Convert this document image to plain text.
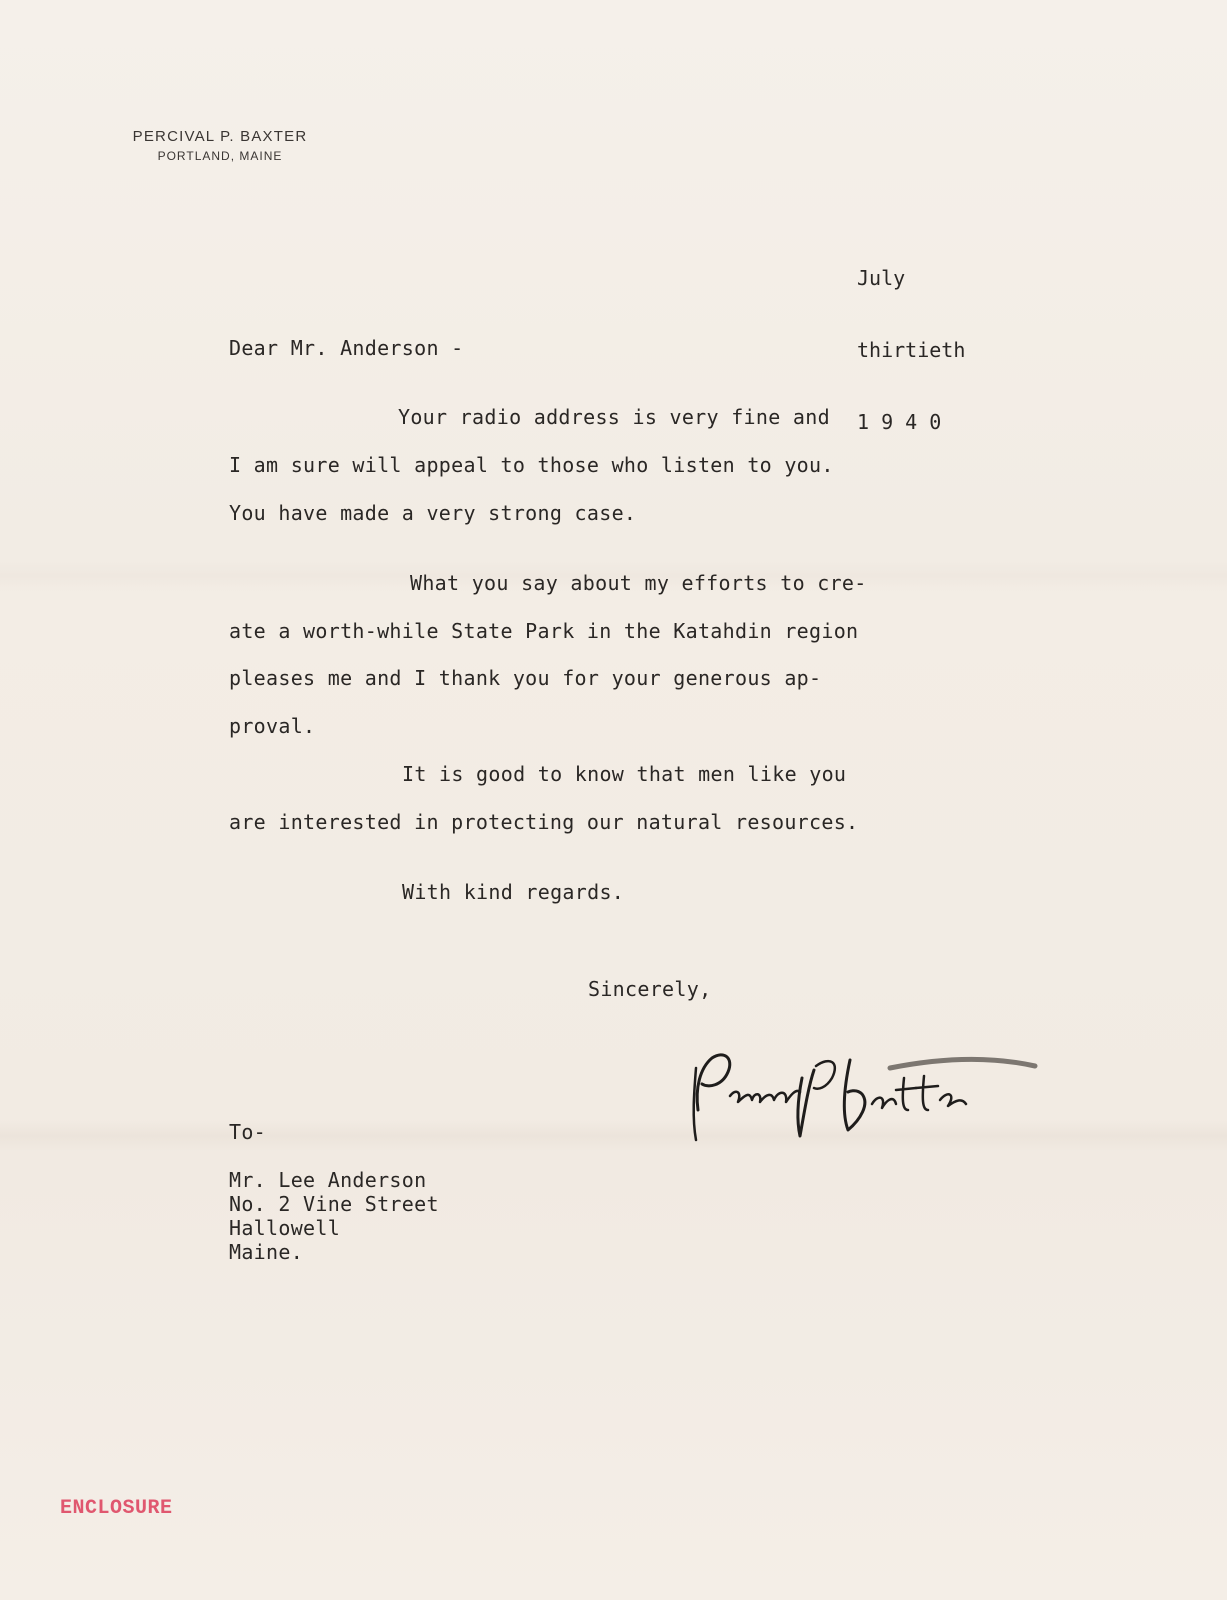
PERCIVAL P. BAXTER
PORTLAND, MAINE

July

thirtieth

1 9 4 0

Dear Mr. Anderson -
Your radio address is very fine and
I am sure will appeal to those who listen to you.
You have made a very strong case.
What you say about my efforts to cre-
ate a worth-while State Park in the Katahdin region
pleases me and I thank you for your generous ap-
proval.
It is good to know that men like you
are interested in protecting our natural resources.
With kind regards.
Sincerely,
To-
Mr. Lee Anderson
No. 2 Vine Street
Hallowell
Maine.
ENCLOSURE
